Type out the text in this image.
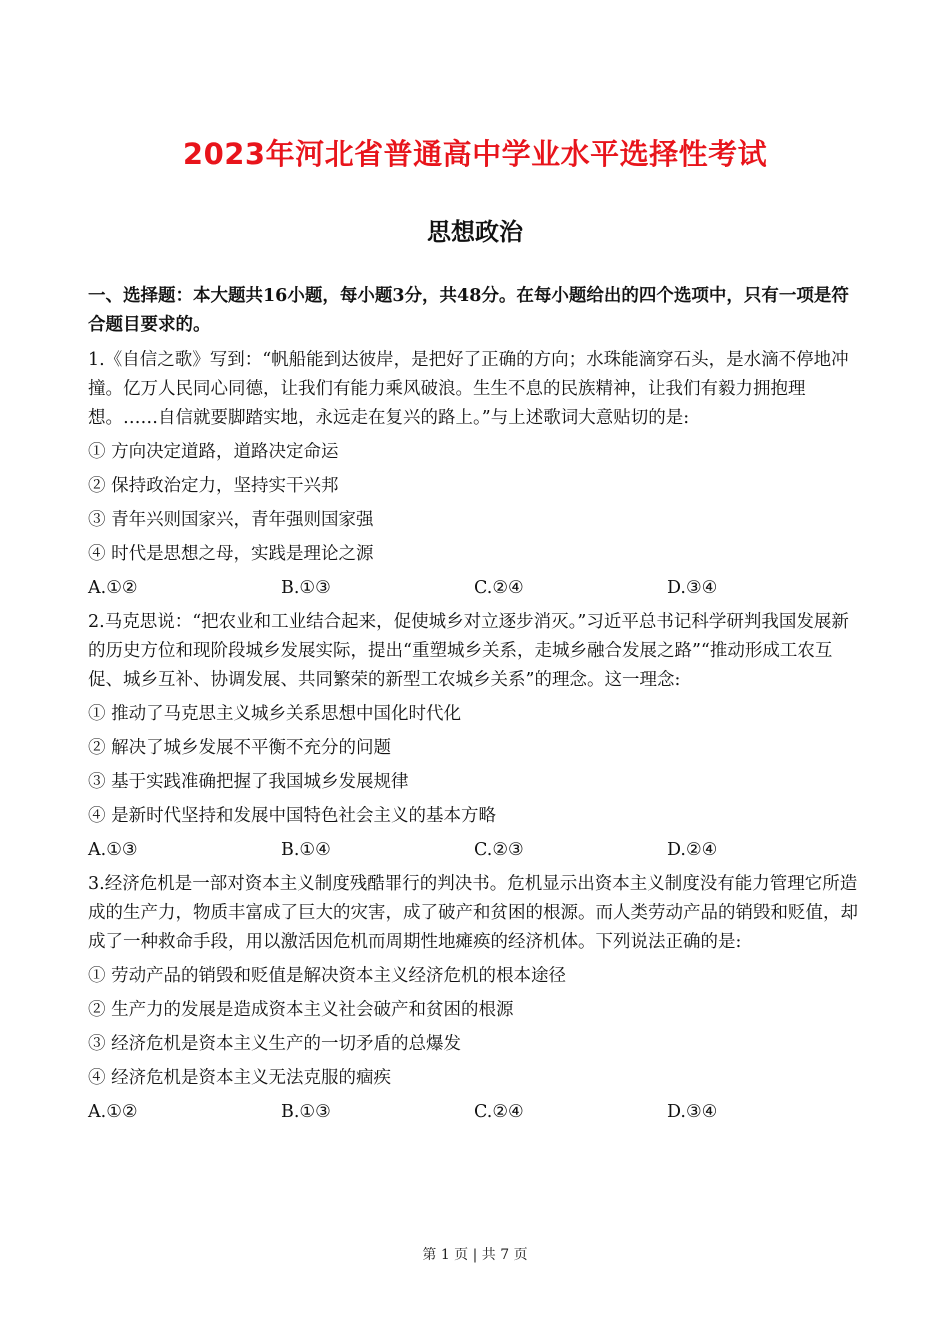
2023年河北省普通高中学业水平选择性考试
思想政治

一、选择题：本大题共16小题，每小题3分，共48分。在每小题给出的四个选项中，只有一项是符合题目要求的。

1.《自信之歌》写到：“帆船能到达彼岸，是把好了正确的方向；水珠能滴穿石头，是水滴不停地冲撞。亿万人民同心同德，让我们有能力乘风破浪。生生不息的民族精神，让我们有毅力拥抱理想。……自信就要脚踏实地，永远走在复兴的路上。”与上述歌词大意贴切的是:

① 方向决定道路，道路决定命运

② 保持政治定力，坚持实干兴邦

③ 青年兴则国家兴，青年强则国家强

④ 时代是思想之母，实践是理论之源

A.①②	B.①③	C.②④	D.③④

2.马克思说：“把农业和工业结合起来，促使城乡对立逐步消灭。”习近平总书记科学研判我国发展新的历史方位和现阶段城乡发展实际，提出“重塑城乡关系，走城乡融合发展之路”“推动形成工农互促、城乡互补、协调发展、共同繁荣的新型工农城乡关系”的理念。这一理念:

① 推动了马克思主义城乡关系思想中国化时代化

② 解决了城乡发展不平衡不充分的问题

③ 基于实践准确把握了我国城乡发展规律

④ 是新时代坚持和发展中国特色社会主义的基本方略

A.①③	B.①④	C.②③	D.②④

3.经济危机是一部对资本主义制度残酷罪行的判决书。危机显示出资本主义制度没有能力管理它所造成的生产力，物质丰富成了巨大的灾害，成了破产和贫困的根源。而人类劳动产品的销毁和贬值，却成了一种救命手段，用以激活因危机而周期性地瘫痪的经济机体。下列说法正确的是:

① 劳动产品的销毁和贬值是解决资本主义经济危机的根本途径

② 生产力的发展是造成资本主义社会破产和贫困的根源

③ 经济危机是资本主义生产的一切矛盾的总爆发

④ 经济危机是资本主义无法克服的痼疾

A.①②	B.①③	C.②④	D.③④
第 1 页 | 共 7 页
